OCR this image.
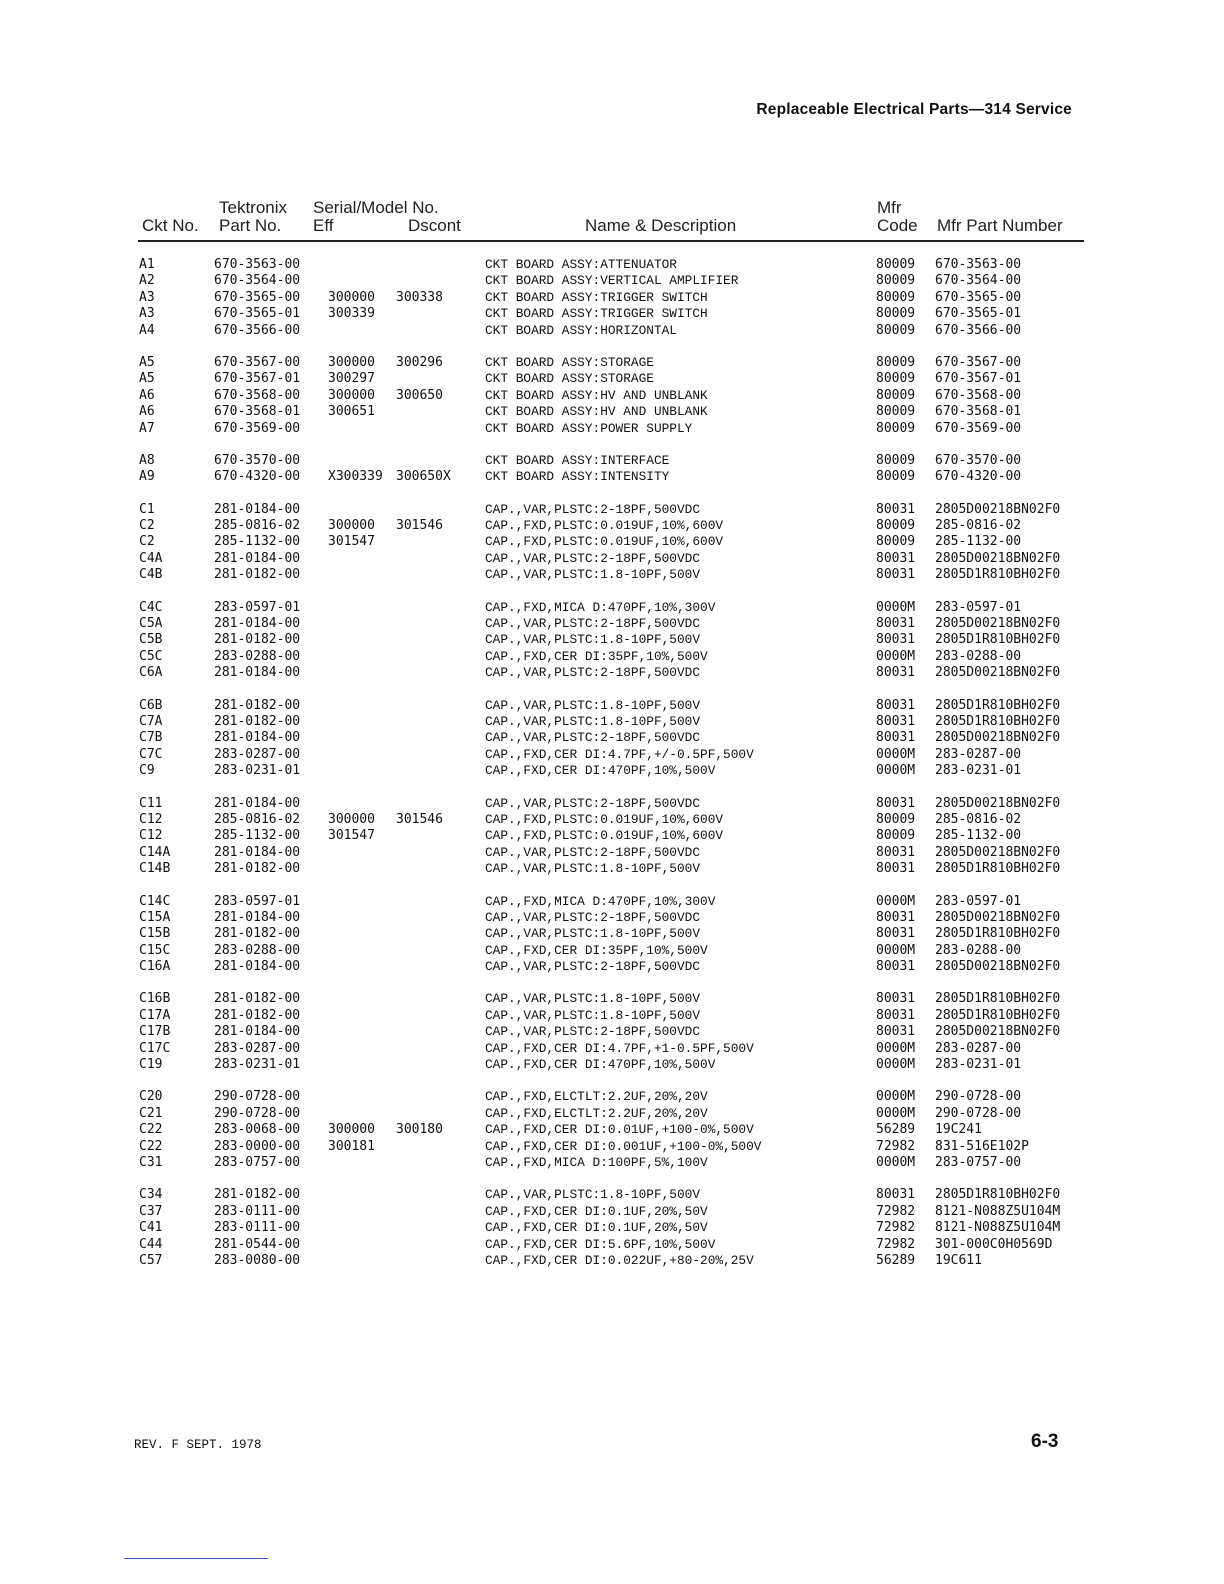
Replaceable Electrical Parts—314 Service
Ckt No.
Tektronix
Part No.
Serial/Model No.
Eff	Dscont	Name & Description
Mfr
Code Mfr Part Number
A1	670-3563-00	CKT BOARD ASSY:ATTENUATOR	80009 670-3563-00
A2	670-3564-00	CKT BOARD ASSY:VERTICAL AMPLIFIER	80009 670-3564-00
A3	670-3565-00 300000 300338	CKT BOARD ASSY:TRIGGER SWITCH	80009 670-3565-00
A3	670-3565-01 300339	CKT BOARD ASSY:TRIGGER SWITCH	80009 670-3565-01
A4	670-3566-00	CKT BOARD ASSY:HORIZONTAL	80009 670-3566-00
A5	670-3567-00 300000 300296	CKT BOARD ASSY:STORAGE	80009 670-3567-00
A5	670-3567-01 300297	CKT BOARD ASSY:STORAGE	80009 670-3567-01
A6	670-3568-00 300000 300650	CKT BOARD ASSY:HV AND UNBLANK	80009 670-3568-00
A6	670-3568-01 300651	CKT BOARD ASSY:HV AND UNBLANK	80009 670-3568-01
A7	670-3569-00	CKT BOARD ASSY:POWER SUPPLY	80009 670-3569-00
A8	670-3570-00	CKT BOARD ASSY:INTERFACE	80009 670-3570-00
A9	670-4320-00 X300339 300650X	CKT BOARD ASSY:INTENSITY	80009 670-4320-00
C1	281-0184-00	CAP.,VAR,PLSTC:2-18PF,500VDC	80031 2805D00218BN02F0
C2	285-0816-02 300000 301546	CAP.,FXD,PLSTC:0.019UF,10%,600V	80009 285-0816-02
C2	285-1132-00 301547	CAP.,FXD,PLSTC:0.019UF,10%,600V	80009 285-1132-00
C4A	281-0184-00	CAP.,VAR,PLSTC:2-18PF,500VDC	80031 2805D00218BN02F0
C4B	281-0182-00	CAP.,VAR,PLSTC:1.8-10PF,500V	80031 2805D1R810BH02F0
C4C	283-0597-01	CAP.,FXD,MICA D:470PF,10%,300V	0000M 283-0597-01
C5A	281-0184-00	CAP.,VAR,PLSTC:2-18PF,500VDC	80031 2805D00218BN02F0
C5B	281-0182-00	CAP.,VAR,PLSTC:1.8-10PF,500V	80031 2805D1R810BH02F0
C5C	283-0288-00	CAP.,FXD,CER DI:35PF,10%,500V	0000M 283-0288-00
C6A	281-0184-00	CAP.,VAR,PLSTC:2-18PF,500VDC	80031 2805D00218BN02F0
C6B	281-0182-00	CAP.,VAR,PLSTC:1.8-10PF,500V	80031 2805D1R810BH02F0
C7A	281-0182-00	CAP.,VAR,PLSTC:1.8-10PF,500V	80031 2805D1R810BH02F0
C7B	281-0184-00	CAP.,VAR,PLSTC:2-18PF,500VDC	80031 2805D00218BN02F0
C7C	283-0287-00	CAP.,FXD,CER DI:4.7PF,+/-0.5PF,500V	0000M 283-0287-00
C9	283-0231-01	CAP.,FXD,CER DI:470PF,10%,500V	0000M 283-0231-01
C11	281-0184-00	CAP.,VAR,PLSTC:2-18PF,500VDC	80031 2805D00218BN02F0
C12	285-0816-02 300000 301546	CAP.,FXD,PLSTC:0.019UF,10%,600V	80009 285-0816-02
C12	285-1132-00 301547	CAP.,FXD,PLSTC:0.019UF,10%,600V	80009 285-1132-00
C14A	281-0184-00	CAP.,VAR,PLSTC:2-18PF,500VDC	80031 2805D00218BN02F0
C14B	281-0182-00	CAP.,VAR,PLSTC:1.8-10PF,500V	80031 2805D1R810BH02F0
C14C	283-0597-01	CAP.,FXD,MICA D:470PF,10%,300V	0000M 283-0597-01
C15A	281-0184-00	CAP.,VAR,PLSTC:2-18PF,500VDC	80031 2805D00218BN02F0
C15B	281-0182-00	CAP.,VAR,PLSTC:1.8-10PF,500V	80031 2805D1R810BH02F0
C15C	283-0288-00	CAP.,FXD,CER DI:35PF,10%,500V	0000M 283-0288-00
C16A	281-0184-00	CAP.,VAR,PLSTC:2-18PF,500VDC	80031 2805D00218BN02F0
C16B	281-0182-00	CAP.,VAR,PLSTC:1.8-10PF,500V	80031 2805D1R810BH02F0
C17A	281-0182-00	CAP.,VAR,PLSTC:1.8-10PF,500V	80031 2805D1R810BH02F0
C17B	281-0184-00	CAP.,VAR,PLSTC:2-18PF,500VDC	80031 2805D00218BN02F0
C17C	283-0287-00	CAP.,FXD,CER DI:4.7PF,+1-0.5PF,500V	0000M 283-0287-00
C19	283-0231-01	CAP.,FXD,CER DI:470PF,10%,500V	0000M 283-0231-01
C20	290-0728-00	CAP.,FXD,ELCTLT:2.2UF,20%,20V	0000M 290-0728-00
C21	290-0728-00	CAP.,FXD,ELCTLT:2.2UF,20%,20V	0000M 290-0728-00
C22	283-0068-00 300000 300180	CAP.,FXD,CER DI:0.01UF,+100-0%,500V	56289 19C241
C22	283-0000-00 300181	CAP.,FXD,CER DI:0.001UF,+100-0%,500V	72982 831-516E102P
C31	283-0757-00	CAP.,FXD,MICA D:100PF,5%,100V	0000M 283-0757-00
C34	281-0182-00	CAP.,VAR,PLSTC:1.8-10PF,500V	80031 2805D1R810BH02F0
C37	283-0111-00	CAP.,FXD,CER DI:0.1UF,20%,50V	72982 8121-N088Z5U104M
C41	283-0111-00	CAP.,FXD,CER DI:0.1UF,20%,50V	72982 8121-N088Z5U104M
C44	281-0544-00	CAP.,FXD,CER DI:5.6PF,10%,500V	72982 301-000C0H0569D
C57	283-0080-00	CAP.,FXD,CER DI:0.022UF,+80-20%,25V	56289 19C611
REV. F SEPT. 1978	6-3
